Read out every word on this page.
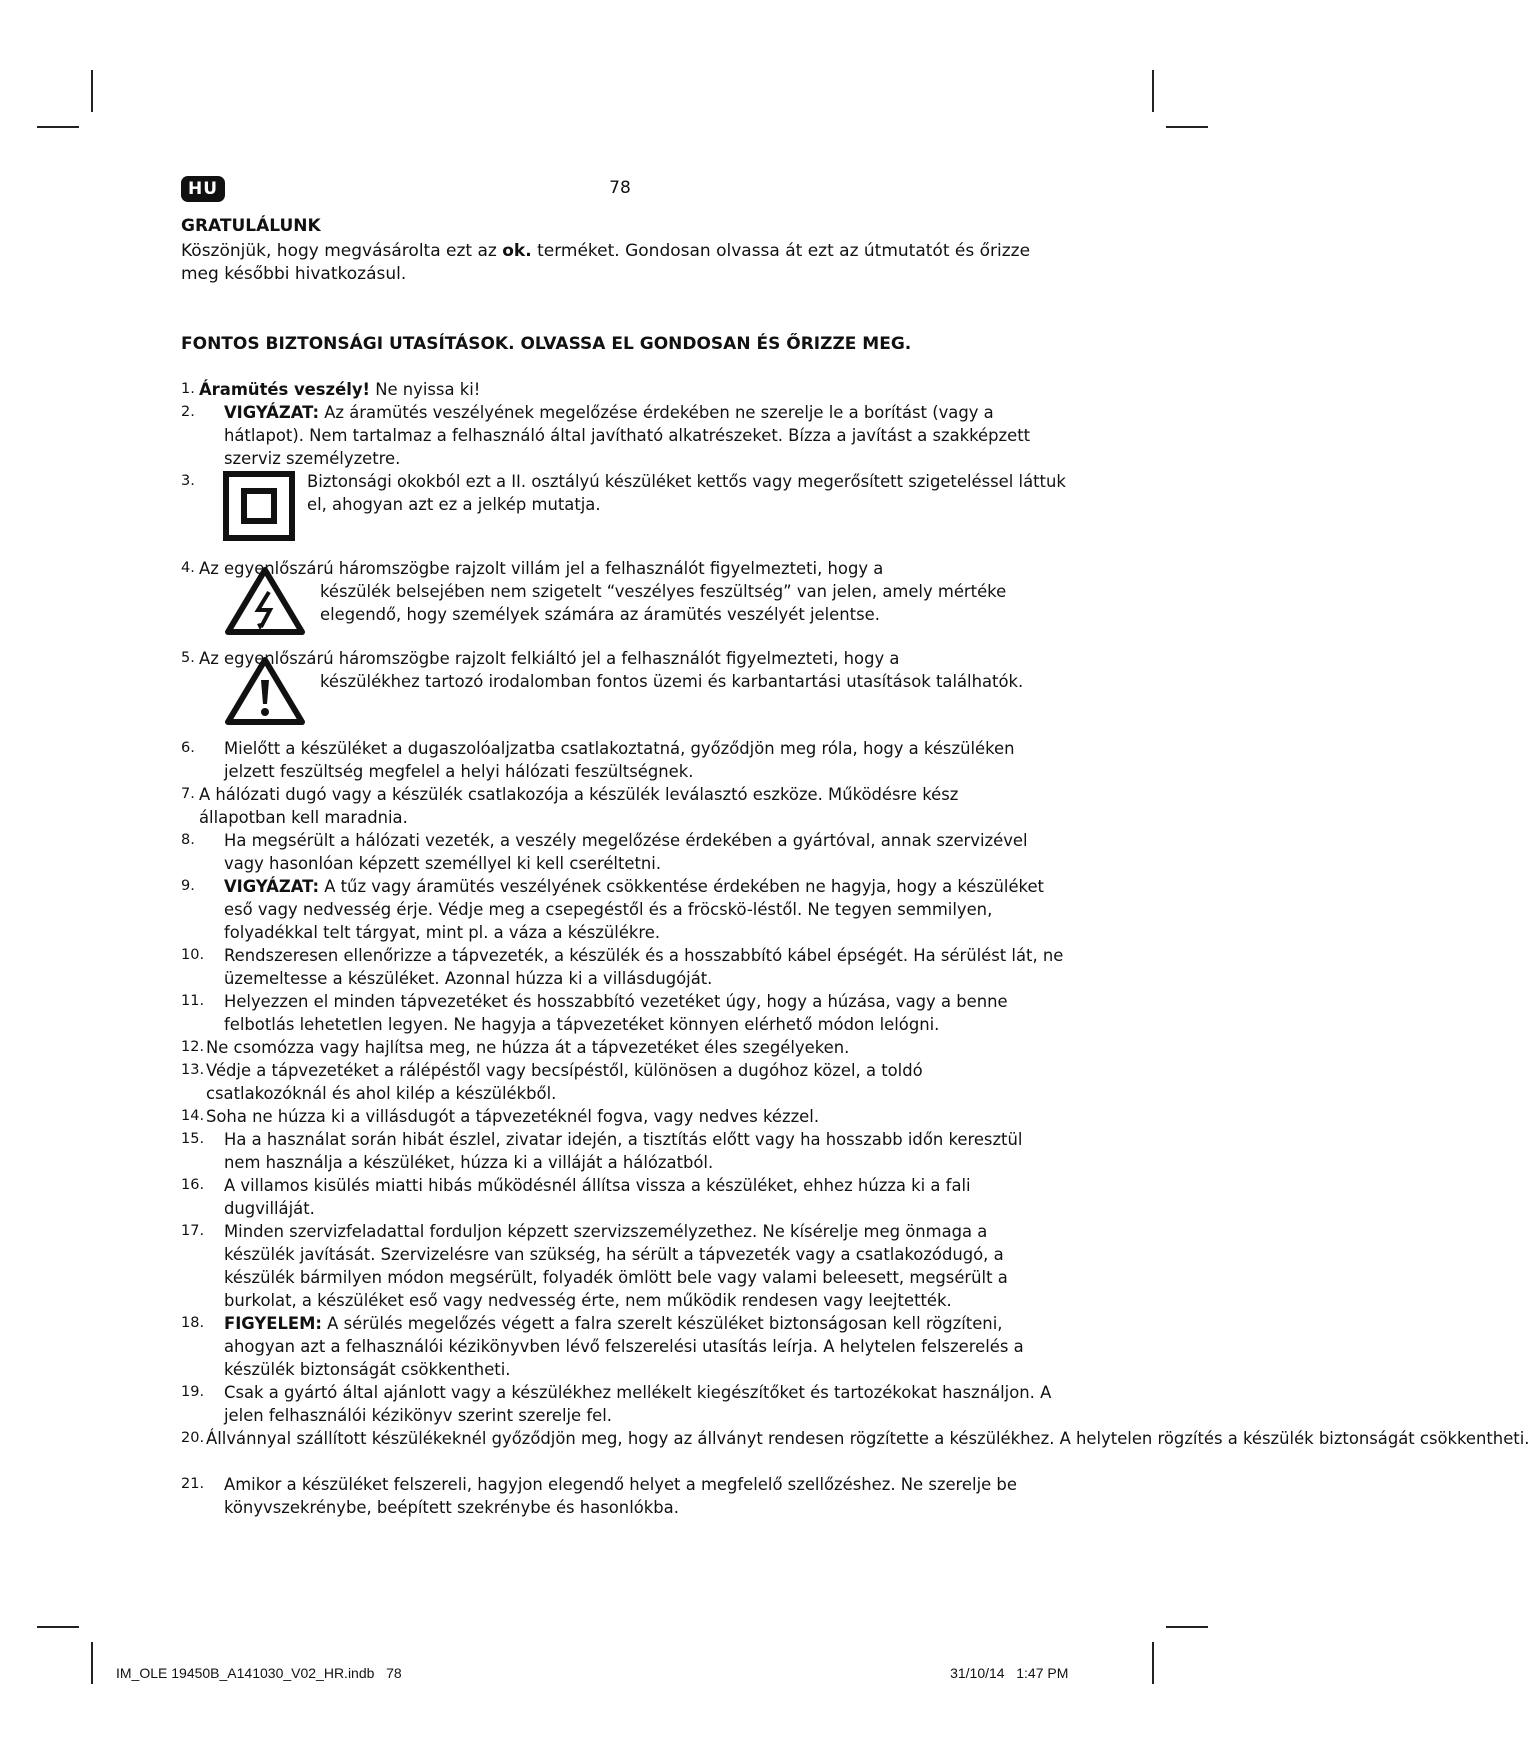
HU	78
GRATULÁLUNK
Köszönjük, hogy megvásárolta ezt az ok. terméket. Gondosan olvassa át ezt az útmutatót és őrizze meg későbbi hivatkozásul.
FONTOS BIZTONSÁGI UTASÍTÁSOK. OLVASSA EL GONDOSAN ÉS ŐRIZZE MEG.
1. Áramütés veszély! Ne nyissa ki!
2. VIGYÁZAT: Az áramütés veszélyének megelőzése érdekében ne szerelje le a borítást (vagy a hátlapot). Nem tartalmaz a felhasználó által javítható alkatrészeket. Bízza a javítást a szakképzett szerviz személyzetre.
3.	Biztonsági okokból ezt a II. osztályú készüléket kettős vagy megerősített szigeteléssel láttuk el, ahogyan azt ez a jelkép mutatja.
4. Az egyenlőszárú háromszögbe rajzolt villám jel a felhasználót figyelmezteti, hogy a
készülék belsejében nem szigetelt “veszélyes feszültség” van jelen, amely mértéke elegendő, hogy személyek számára az áramütés veszélyét jelentse.
5. Az egyenlőszárú háromszögbe rajzolt felkiáltó jel a felhasználót figyelmezteti, hogy a
készülékhez tartozó irodalomban fontos üzemi és karbantartási utasítások találhatók.
6. Mielőtt a készüléket a dugaszolóaljzatba csatlakoztatná, győződjön meg róla, hogy a készüléken jelzett feszültség megfelel a helyi hálózati feszültségnek.
7. A hálózati dugó vagy a készülék csatlakozója a készülék leválasztó eszköze. Működésre kész állapotban kell maradnia.
8. Ha megsérült a hálózati vezeték, a veszély megelőzése érdekében a gyártóval, annak szervizével vagy hasonlóan képzett személlyel ki kell cseréltetni.
9. VIGYÁZAT: A tűz vagy áramütés veszélyének csökkentése érdekében ne hagyja, hogy a készüléket eső vagy nedvesség érje. Védje meg a csepegéstől és a fröcskö-léstől. Ne tegyen semmilyen, folyadékkal telt tárgyat, mint pl. a váza a készülékre.
10. Rendszeresen ellenőrizze a tápvezeték, a készülék és a hosszabbító kábel épségét. Ha sérülést lát, ne üzemeltesse a készüléket. Azonnal húzza ki a villásdugóját.
11. Helyezzen el minden tápvezetéket és hosszabbító vezetéket úgy, hogy a húzása, vagy a benne felbotlás lehetetlen legyen. Ne hagyja a tápvezetéket könnyen elérhető módon lelógni.
12. Ne csomózza vagy hajlítsa meg, ne húzza át a tápvezetéket éles szegélyeken.
13. Védje a tápvezetéket a rálépéstől vagy becsípéstől, különösen a dugóhoz közel, a toldó csatlakozóknál és ahol kilép a készülékből.
14. Soha ne húzza ki a villásdugót a tápvezetéknél fogva, vagy nedves kézzel.
15. Ha a használat során hibát észlel, zivatar idején, a tisztítás előtt vagy ha hosszabb időn keresztül nem használja a készüléket, húzza ki a villáját a hálózatból.
16. A villamos kisülés miatti hibás működésnél állítsa vissza a készüléket, ehhez húzza ki a fali dugvilláját.
17. Minden szervizfeladattal forduljon képzett szervizszemélyzethez. Ne kísérelje meg önmaga a készülék javítását. Szervizelésre van szükség, ha sérült a tápvezeték vagy a csatlakozódugó, a készülék bármilyen módon megsérült, folyadék ömlött bele vagy valami beleesett, megsérült a burkolat, a készüléket eső vagy nedvesség érte, nem működik rendesen vagy leejtették.
18. FIGYELEM: A sérülés megelőzés végett a falra szerelt készüléket biztonságosan kell rögzíteni, ahogyan azt a felhasználói kézikönyvben lévő felszerelési utasítás leírja. A helytelen felszerelés a készülék biztonságát csökkentheti.
19. Csak a gyártó által ajánlott vagy a készülékhez mellékelt kiegészítőket és tartozékokat használjon. A jelen felhasználói kézikönyv szerint szerelje fel.
20. Állvánnyal szállított készülékeknél győződjön meg, hogy az állványt rendesen rögzítette a készülékhez. A helytelen rögzítés a készülék biztonságát csökkentheti.
21. Amikor a készüléket felszereli, hagyjon elegendő helyet a megfelelő szellőzéshez. Ne szerelje be könyvszekrénybe, beépített szekrénybe és hasonlókba.
IM_OLE 19450B_A141030_V02_HR.indb   78                                                                                                                                             31/10/14   1:47 PM
